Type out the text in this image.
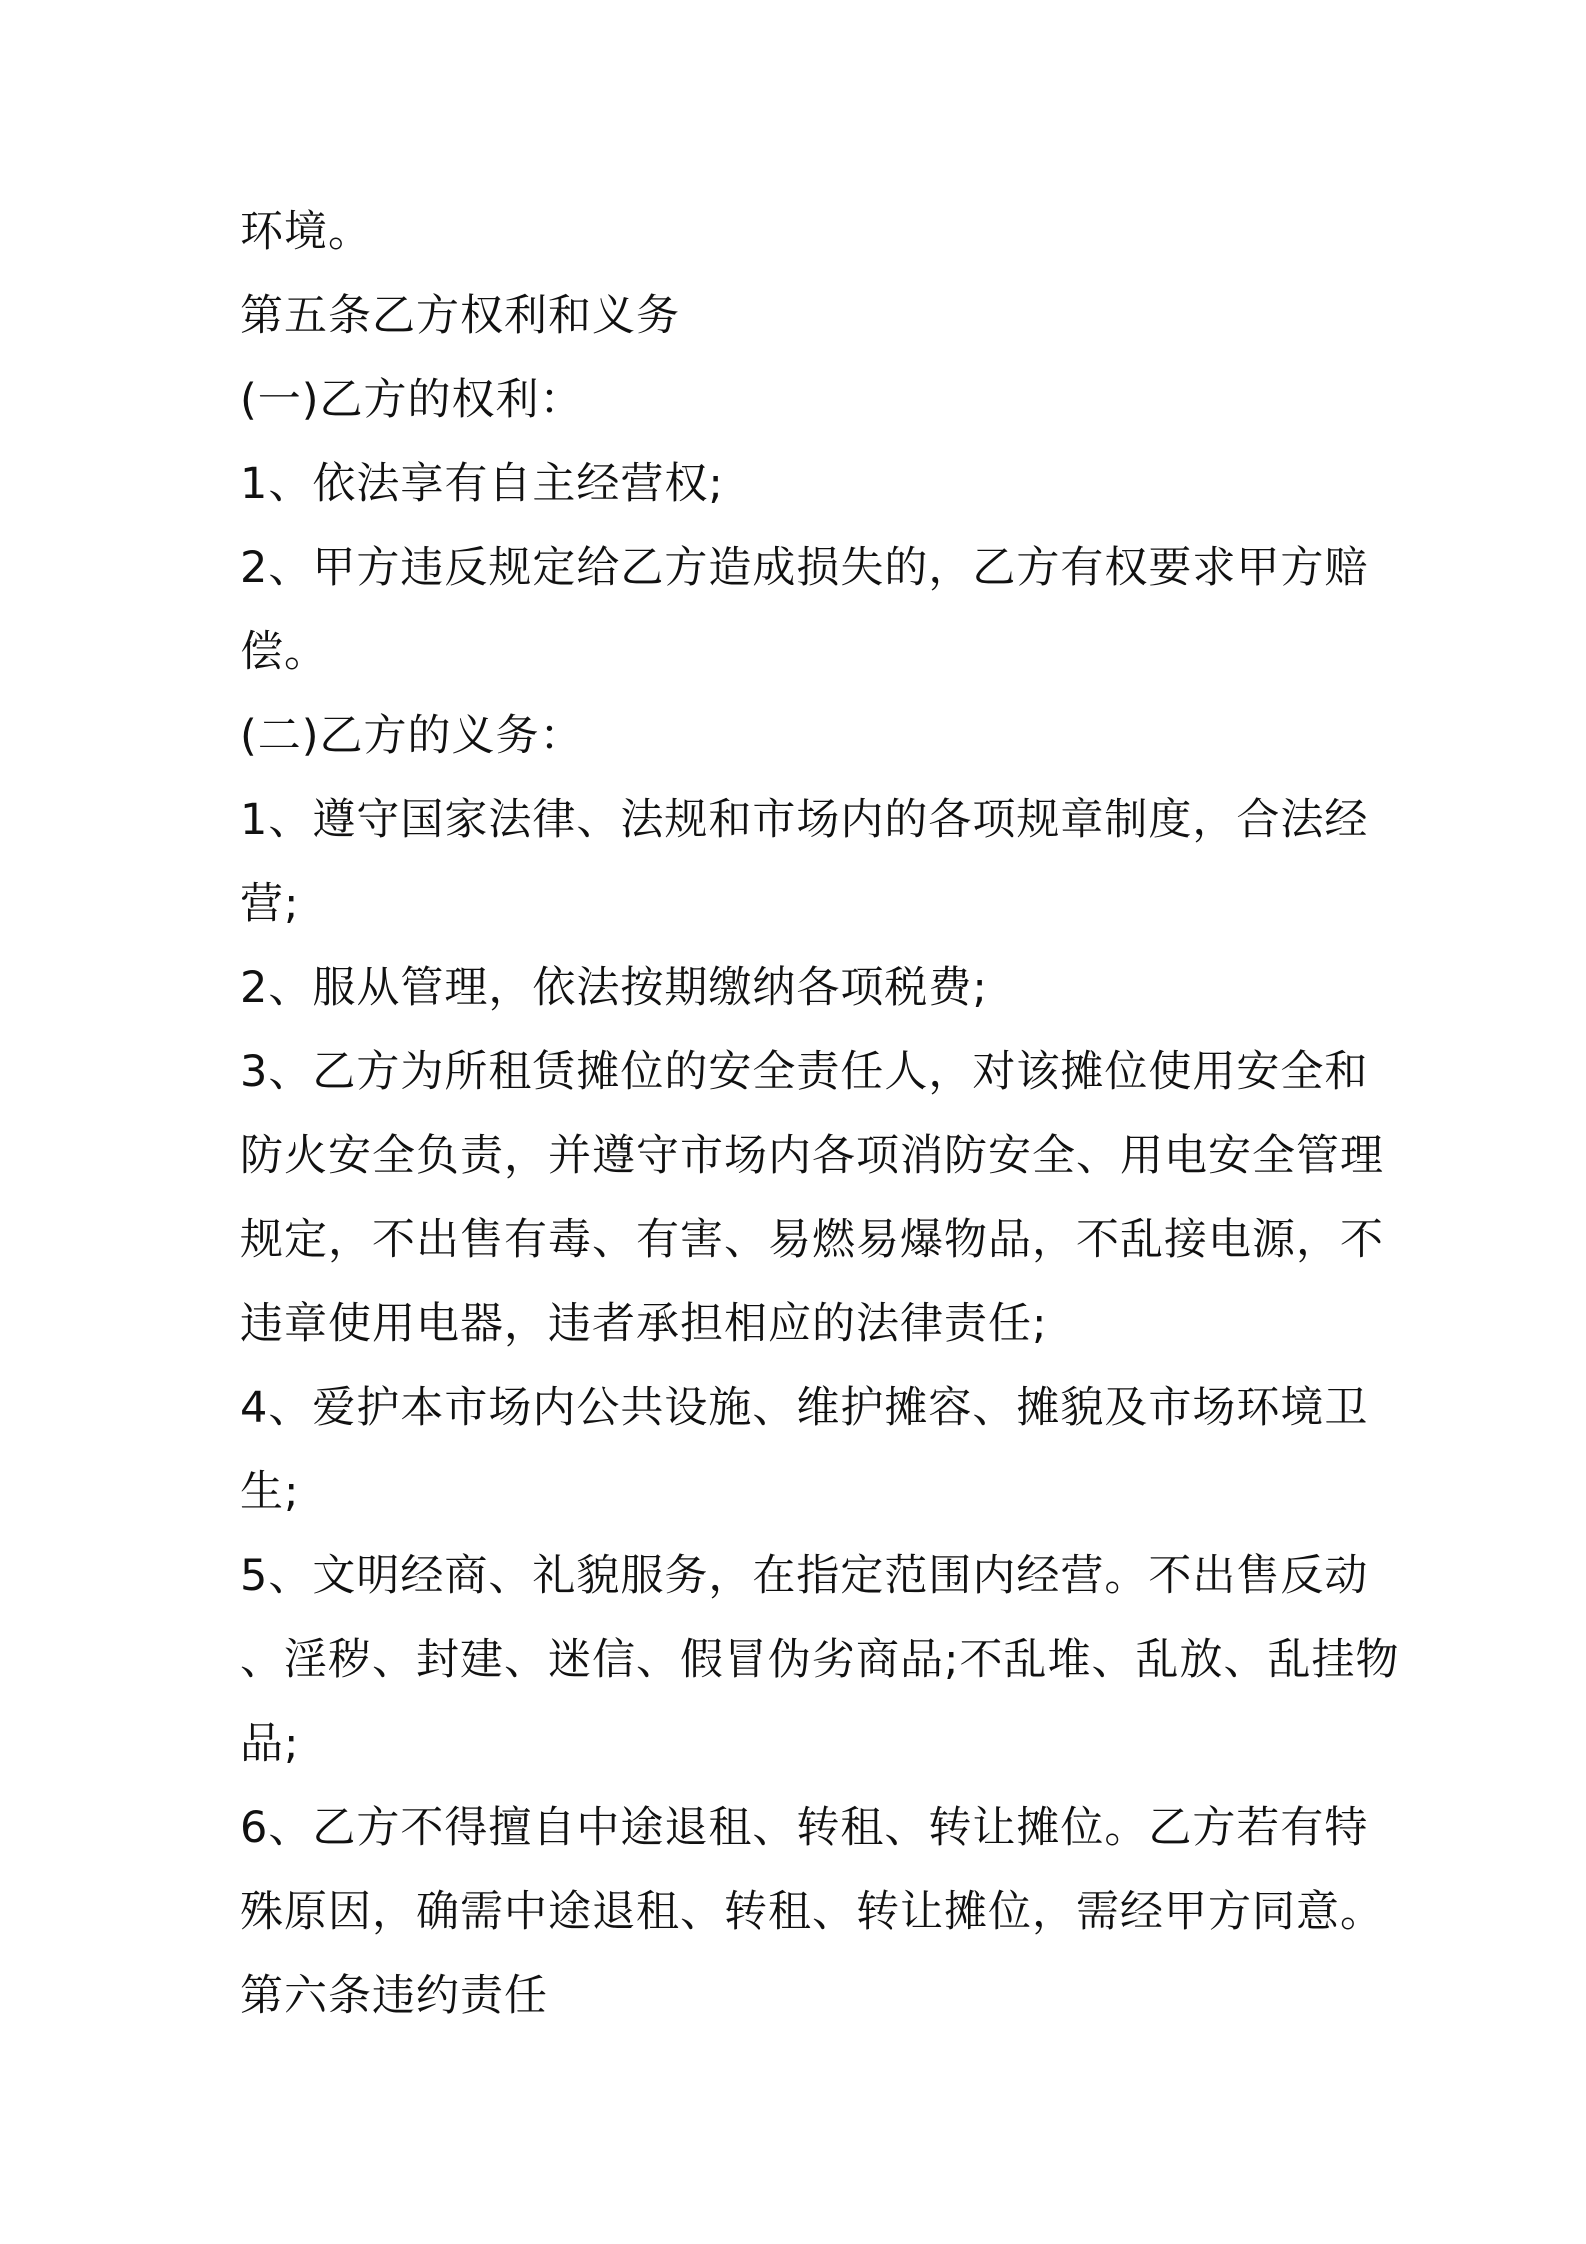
环境。
第五条乙方权利和义务
(一)乙方的权利：
1、依法享有自主经营权;
2、甲方违反规定给乙方造成损失的，乙方有权要求甲方赔
偿。
(二)乙方的义务：
1、遵守国家法律、法规和市场内的各项规章制度，合法经
营;
2、服从管理，依法按期缴纳各项税费;
3、乙方为所租赁摊位的安全责任人，对该摊位使用安全和
防火安全负责，并遵守市场内各项消防安全、用电安全管理
规定，不出售有毒、有害、易燃易爆物品，不乱接电源，不
违章使用电器，违者承担相应的法律责任;
4、爱护本市场内公共设施、维护摊容、摊貌及市场环境卫
生;
5、文明经商、礼貌服务，在指定范围内经营。不出售反动
、淫秽、封建、迷信、假冒伪劣商品;不乱堆、乱放、乱挂物
品;
6、乙方不得擅自中途退租、转租、转让摊位。乙方若有特
殊原因，确需中途退租、转租、转让摊位，需经甲方同意。
第六条违约责任
